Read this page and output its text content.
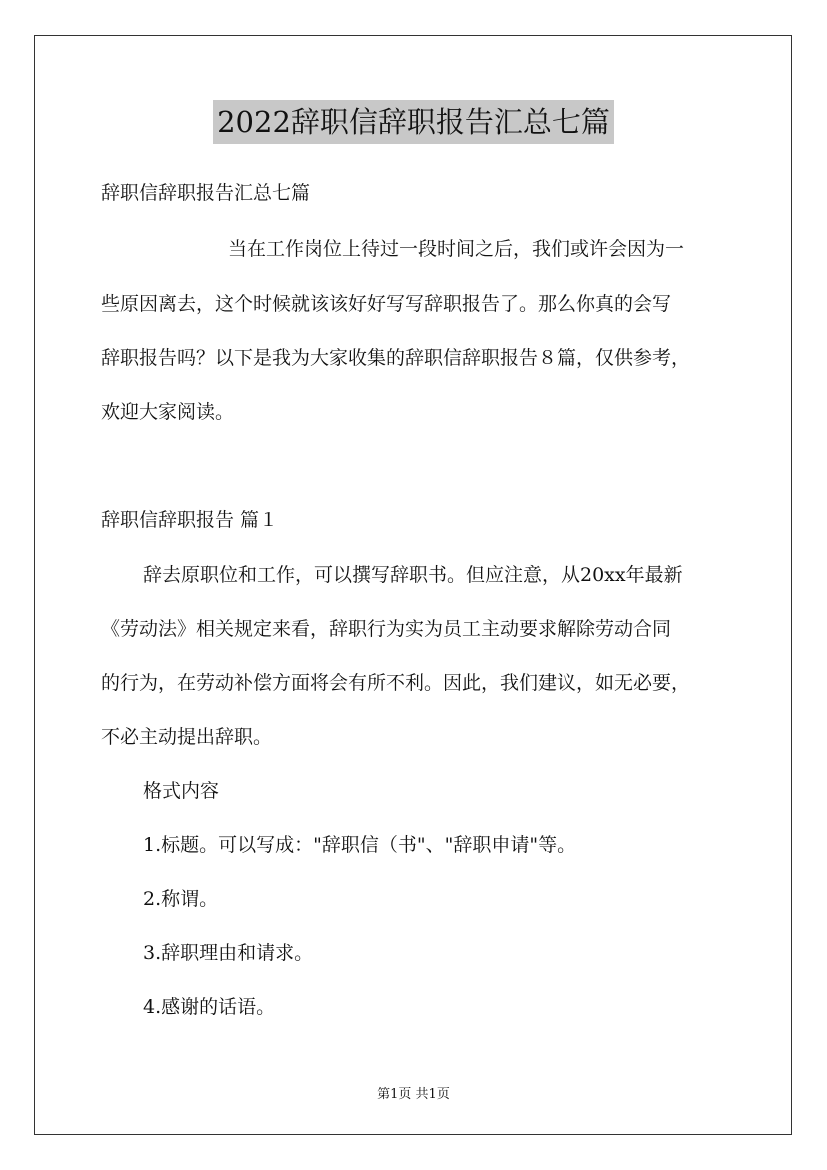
2022辞职信辞职报告汇总七篇
辞职信辞职报告汇总七篇
当在工作岗位上待过一段时间之后，我们或许会因为一
些原因离去，这个时候就该该好好写写辞职报告了。那么你真的会写
辞职报告吗？以下是我为大家收集的辞职信辞职报告８篇，仅供参考，
欢迎大家阅读。
辞职信辞职报告 篇１
辞去原职位和工作，可以撰写辞职书。但应注意，从20xx年最新
《劳动法》相关规定来看，辞职行为实为员工主动要求解除劳动合同
的行为，在劳动补偿方面将会有所不利。因此，我们建议，如无必要，
不必主动提出辞职。
格式内容
1.标题。可以写成："辞职信（书"、"辞职申请"等。
2.称谓。
3.辞职理由和请求。
4.感谢的话语。
第1页 共1页
